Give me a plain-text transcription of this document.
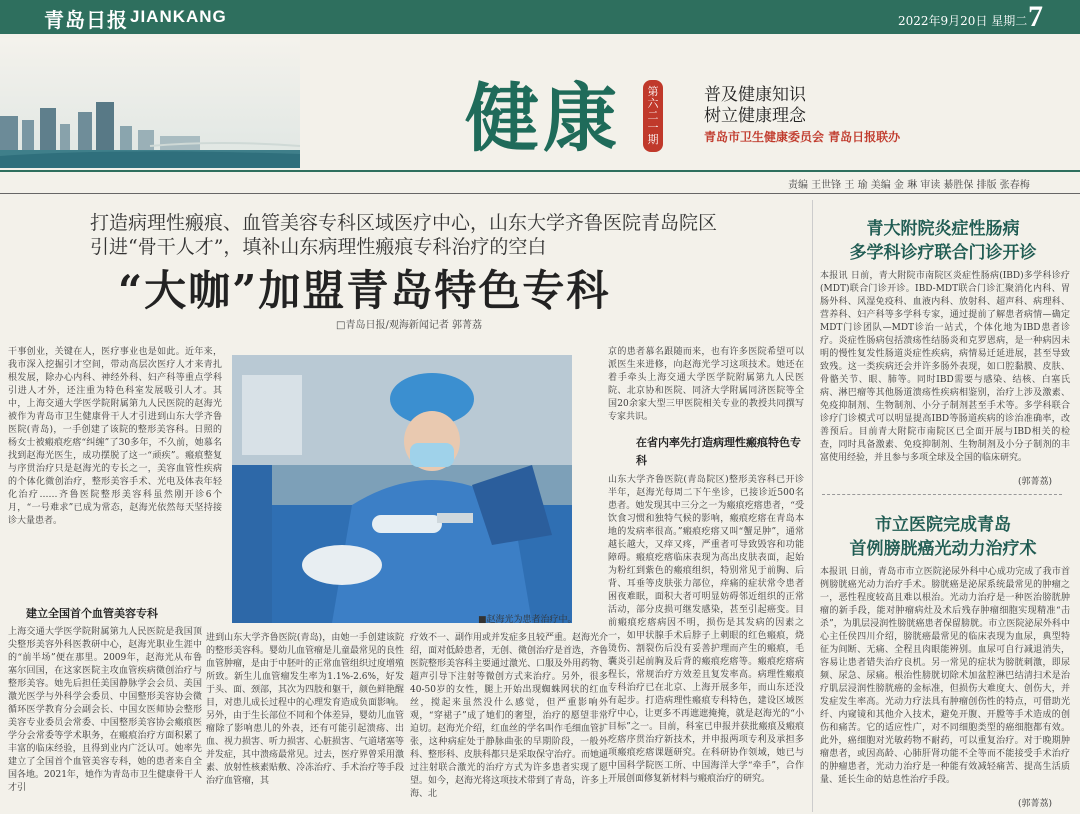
青岛日报 JIANKANG	2022年9月20日 星期二 7
健康	第六二一期
普及健康知识
树立健康理念
青岛市卫生健康委员会 青岛日报联办
责编 王世锋 王 瑜 美编 金 琳 审读 綦胜保 排版 张春梅
打造病理性瘢痕、血管美容专科区域医疗中心，山东大学齐鲁医院青岛院区
引进“骨干人才”，填补山东病理性瘢痕专科治疗的空白
“大咖”加盟青岛特色专科
□青岛日报/观海新闻记者 郭菁荔
干事创业，关键在人，医疗事业也是如此。近年来，我市深入挖掘引才空间，带动高层次医疗人才来青扎根发展，除办心内科、神经外科、妇产科等重点学科引进人才外，还注重为特色科室发展吸引人才。其中，上海交通大学医学院附属第九人民医院的赵海光被作为青岛市卫生健康骨干人才引进到山东大学齐鲁医院(青岛)，一手创建了该院的整形美容科。日照的杨女士被瘢痕疙瘩“纠缠”了30多年，不久前，她慕名找到赵海光医生，成功摆脱了这一“顽疾”。瘢痕整复与序贯治疗只是赵海光的专长之一，美容血管性疾病的个体化微创治疗，整形美容手术、光电及体表年轻化治疗……齐鲁医院整形美容科虽然刚开诊6个月，“一号难求”已成为常态，赵海光依然每天坚持接诊大量患者。
建立全国首个血管美容专科
上海交通大学医学院附属第九人民医院是我国顶尖整形美容外科医教研中心，赵海光职业生涯中的“前半场”便在那里。2009年，赵海光从布鲁塞尔回国，在这家医院主攻血管疾病微创治疗与整形美容。她先后担任美国静脉学会会员、美国激光医学与外科学会委员、中国整形美容协会微循环医学教育分会副会长、中国女医师协会整形美容专业委员会常委、中国整形美容协会瘢痕医学分会常委等学术职务，在瘢痕治疗方面积累了丰富的临床经验，且得到业内广泛认可。她率先建立了全国首个血管美容专科，她的患者来自全国各地。2021年，她作为青岛市卫生健康骨干人才引
■赵海光为患者治疗中。
进到山东大学齐鲁医院(青岛)，由她一手创建该院的整形美容科。婴幼儿血管瘤是儿童最常见的良性血管肿瘤，是由于中胚叶的正常血管组织过度增殖所致。新生儿血管瘤发生率为1.1%-2.6%，好发于头、面、颈部，其次为四肢和躯干，颜色鲜艳醒目，对患儿成长过程中的心理发育造成负面影响。另外，由于生长部位不同和个体差异，婴幼儿血管瘤除了影响患儿的外表，还有可能引起溃疡、出血、视力损害、听力损害、心脏损害、气道堵塞等并发症，其中溃疡最常见。过去，医疗界曾采用激素、放射性核素贴敷、冷冻治疗、手术治疗等手段治疗血管瘤，其
疗效不一、副作用或并发症多且较严重。赵海光介绍，面对低龄患者，无创、微创治疗是首选，齐鲁医院整形美容科主要通过激光、口服及外用药物、超声引导下注射等微创方式来治疗。另外，很多40-50岁的女性，腿上开始出现蜘蛛网状的红血丝，搅起来虽然没什么感觉，但严重影响外观，“穿裙子”成了她们的奢望，治疗的愿望非常迫切。赵海光介绍，红血丝的学名叫作毛细血管扩张，这种病症处于静脉曲张的早期阶段，一般外科、整形科、皮肤科都只是采取保守治疗。而她通过注射联合激光的治疗方式为许多患者实现了愿望。如今，赵海光将这项技术带到了青岛，许多上海、北
京的患者慕名跟随而来，也有许多医院希望可以派医生来进修，向赵海光学习这项技术。她还在着手牵头上海交通大学医学院附属第九人民医院、北京协和医院、同济大学附属同济医院等全国20余家大型三甲医院相关专业的教授共同撰写专家共识。
在省内率先打造病理性瘢痕特色专科
山东大学齐鲁医院(青岛院区)整形美容科已开诊半年，赵海光每周二下午坐诊，已接诊近500名患者。她发现其中三分之一为瘢痕疙瘩患者，“受饮食习惯和独特气候的影响，瘢痕疙瘩在青岛本地的发病率很高。”瘢痕疙瘩又叫“蟹足肿”，通常越长越大，又痒又疼，严重者可导致毁容和功能障碍。瘢痕疙瘩临床表现为高出皮肤表面，起始为粉红到紫色的瘢痕组织，特别常见于前胸、后背、耳垂等皮肤张力部位，痒痛的症状常令患者困夜难眠，面积大者可明显妨碍邻近组织的正常活动，部分皮损可继发感染，甚至引起癌变。目前瘢痕疙瘩病因不明，损伤是其发病的因素之一，如甲状腺手术后脖子上刺眼的红色瘢痕，烧烫伤、割裂伤后没有妥善护理而产生的瘢痕，毛囊炎引起前胸及后背的瘢痕疙瘩等。瘢痕疙瘩病程长，常规治疗方效差且复发率高。病理性瘢痕专科治疗已在北京、上海开展多年，而山东还没有起步。打造病理性瘢痕专科特色，建设区域医疗中心，让更多不再遮遮掩掩，就是赵海光的“小目标”之一。目前，科室已申报并获批瘢痕及瘢痕疙瘩序贯治疗新技术，并申报两项专利及承担多项瘢痕疙瘩课题研究。在科研协作领域，她已与中国科学院医工所、中国海洋大学“牵手”，合作开展创面修复新材料与瘢痕治疗的研究。
青大附院炎症性肠病
多学科诊疗联合门诊开诊
本报讯 日前，青大附院市南院区炎症性肠病(IBD)多学科诊疗(MDT)联合门诊开诊。IBD-MDT联合门诊汇聚消化内科、胃肠外科、风湿免疫科、血液内科、放射科、超声科、病理科、营养科、妇产科等多学科专家，通过提前了解患者病情—确定MDT门诊团队—MDT诊治一站式，个体化地为IBD患者诊疗。炎症性肠病包括溃疡性结肠炎和克罗恩病，是一种病因未明的慢性复发性肠道炎症性疾病，病情易迁延进展，甚至导致致残。这一类疾病还会并许多肠外表现，如口腔黏膜、皮肤、骨骼关节、眼、肺等。同时IBD需要与感染、结核、白塞氏病、淋巴瘤等其他肠道溃疡性疾病相鉴别，治疗上涉及激素、免疫抑制剂、生物制剂、小分子制剂甚至手术等。多学科联合诊疗门诊模式可以明显提高IBD等肠道疾病的诊治准确率，改善预后。目前青大附院市南院区已全面开展与IBD相关的检查，同时具备激素、免疫抑制剂、生物制剂及小分子制剂的丰富使用经验，并且参与多项全球及全国的临床研究。
(郭菁荔)
市立医院完成青岛
首例膀胱癌光动力治疗术
本报讯 日前，青岛市市立医院泌尿外科中心成功完成了我市首例膀胱癌光动力治疗手术。膀胱癌是泌尿系统最常见的肿瘤之一，恶性程度较高且难以根治。光动力治疗是一种医治膀胱肿瘤的新手段，能对肿瘤病灶及术后残存肿瘤细胞实现精准“击杀”，为肌层浸润性膀胱癌患者保留膀胱。市立医院泌尿外科中心主任侯四川介绍，膀胱癌最常见的临床表现为血尿，典型特征为间断、无痛、全程且肉眼能辨别。血尿可自行减退消失，容易让患者错失治疗良机。另一常见的症状为膀胱刺激，即尿频、尿急、尿痛。根治性膀胱切除术加盆腔淋巴结清扫术是治疗肌层浸润性膀胱癌的金标准，但损伤大难度大、创伤大，并发症发生率高。光动力疗法具有肿瘤创伤性的特点，可借助光纤、内窥镜和其他介入技术，避免开腹、开膛等手术造成的创伤和痛苦。它的适应性广，对不同细胞类型的癌细胞都有效。此外，癌细胞对光敏药物不耐药，可以重复治疗。对于晚期肿瘤患者，或因高龄、心肺肝肾功能不全等而不能接受手术治疗的肿瘤患者，光动力治疗是一种能有效减轻痛苦、提高生活质量、延长生命的姑息性治疗手段。
(郭菁荔)
